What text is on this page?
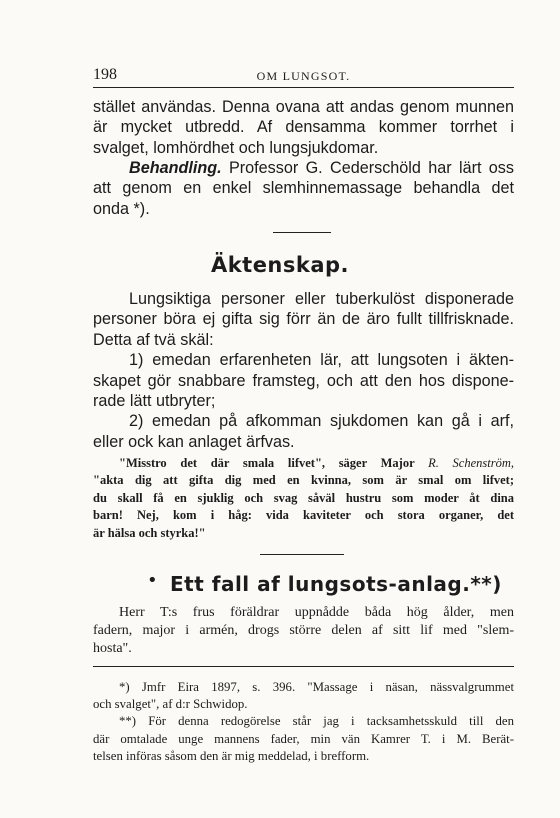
198	OM LUNGSOT.
stället användas. Denna ovana att andas genom munnen
är mycket utbredd. Af densamma kommer torrhet i
svalget, lomhördhet och lungsjukdomar.
Behandling. Professor G. Cederschöld har lärt oss
att genom en enkel slemhinnemassage behandla det
onda *).
Äktenskap.
Lungsiktiga personer eller tuberkulöst disponerade
personer böra ej gifta sig förr än de äro fullt tillfrisknade.
Detta af tvä skäl:
1) emedan erfarenheten lär, att lungsoten i äkten-
skapet gör snabbare framsteg, och att den hos dispone-
rade lätt utbryter;
2) emedan på afkomman sjukdomen kan gå i arf,
eller ock kan anlaget ärfvas.
"Misstro det där smala lifvet", säger Major R. Schenström,
"akta dig att gifta dig med en kvinna, som är smal om lifvet;
du skall få en sjuklig och svag såväl hustru som moder åt dina
barn! Nej, kom i håg: vida kaviteter och stora organer, det
är hälsa och styrka!"
• Ett fall af lungsots-anlag.**)
Herr T:s frus föräldrar uppnådde båda hög ålder, men
fadern, major i armén, drogs större delen af sitt lif med "slem-
hosta".
*) Jmfr Eira 1897, s. 396. "Massage i näsan, nässvalgrummet
och svalget", af d:r Schwidop.
**) För denna redogörelse står jag i tacksamhetsskuld till den
där omtalade unge mannens fader, min vän Kamrer T. i M. Berät-
telsen införas såsom den är mig meddelad, i brefform.
